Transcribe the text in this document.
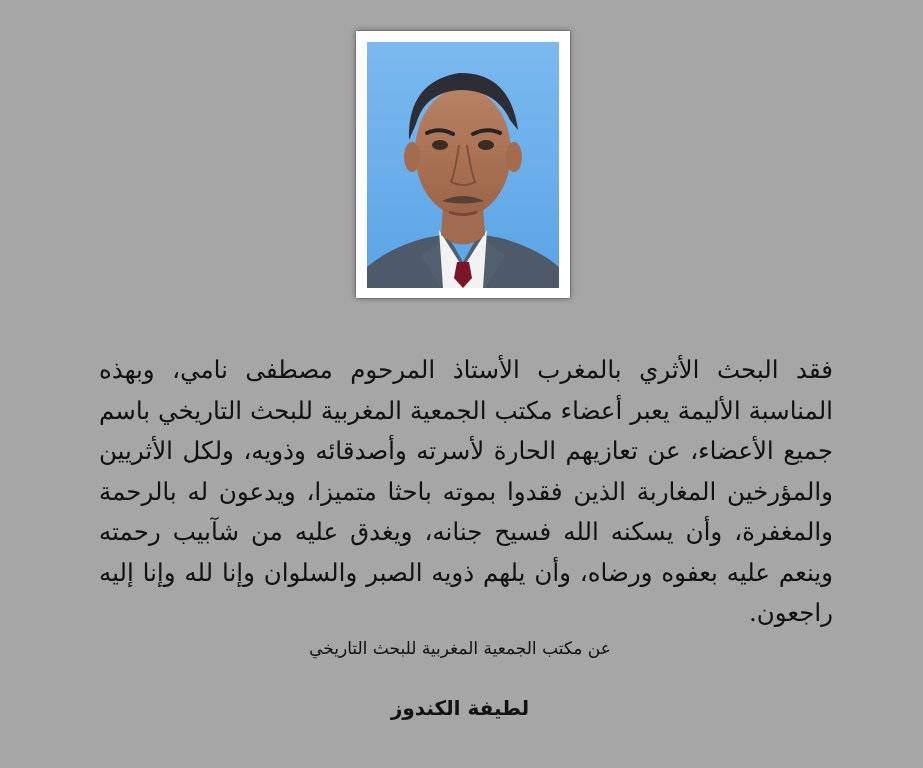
فقد البحث الأثري بالمغرب الأستاذ المرحوم مصطفى نامي، وبهذه المناسبة الأليمة يعبر أعضاء مكتب الجمعية المغربية للبحث التاريخي باسم جميع الأعضاء، عن تعازيهم الحارة لأسرته وأصدقائه وذويه، ولكل الأثريين والمؤرخين المغاربة الذين فقدوا بموته باحثا متميزا، ويدعون له بالرحمة والمغفرة، وأن يسكنه الله فسيح جنانه، ويغدق عليه من شآبيب رحمته وينعم عليه بعفوه ورضاه، وأن يلهم ذويه الصبر والسلوان وإنا لله وإنا إليه راجعون.
عن مكتب الجمعية المغربية للبحث التاريخي
لطيفة الكندوز
